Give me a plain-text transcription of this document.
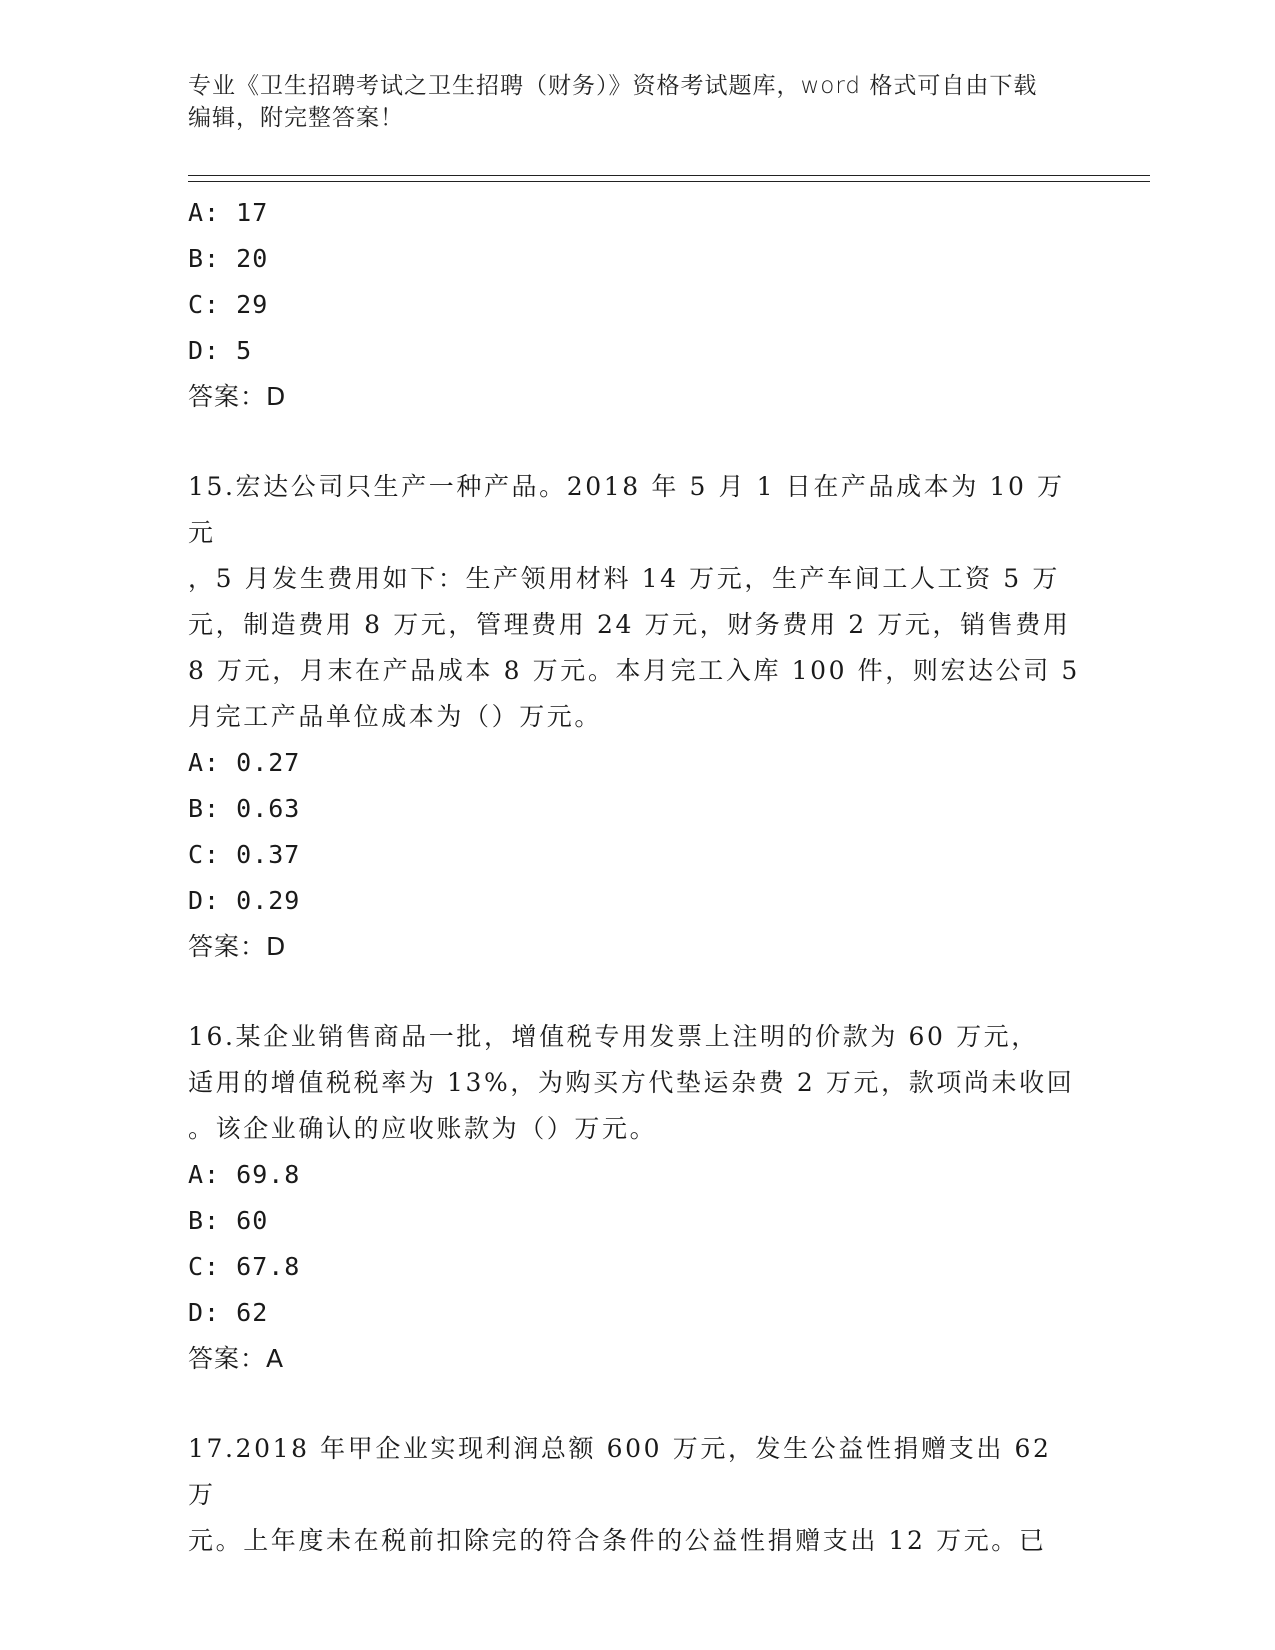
专业《卫生招聘考试之卫生招聘（财务）》资格考试题库，word 格式可自由下载
编辑，附完整答案！
A: 17
B: 20
C: 29
D: 5
答案：D
15.宏达公司只生产一种产品。2018 年 5 月 1 日在产品成本为 10 万元
，5 月发生费用如下：生产领用材料 14 万元，生产车间工人工资 5 万
元，制造费用 8 万元，管理费用 24 万元，财务费用 2 万元，销售费用
8 万元，月末在产品成本 8 万元。本月完工入库 100 件，则宏达公司 5
月完工产品单位成本为（）万元。
A: 0.27
B: 0.63
C: 0.37
D: 0.29
答案：D
16.某企业销售商品一批，增值税专用发票上注明的价款为 60 万元，
适用的增值税税率为 13%，为购买方代垫运杂费 2 万元，款项尚未收回
。该企业确认的应收账款为（）万元。
A: 69.8
B: 60
C: 67.8
D: 62
答案：A
17.2018 年甲企业实现利润总额 600 万元，发生公益性捐赠支出 62 万
元。上年度未在税前扣除完的符合条件的公益性捐赠支出 12 万元。已
